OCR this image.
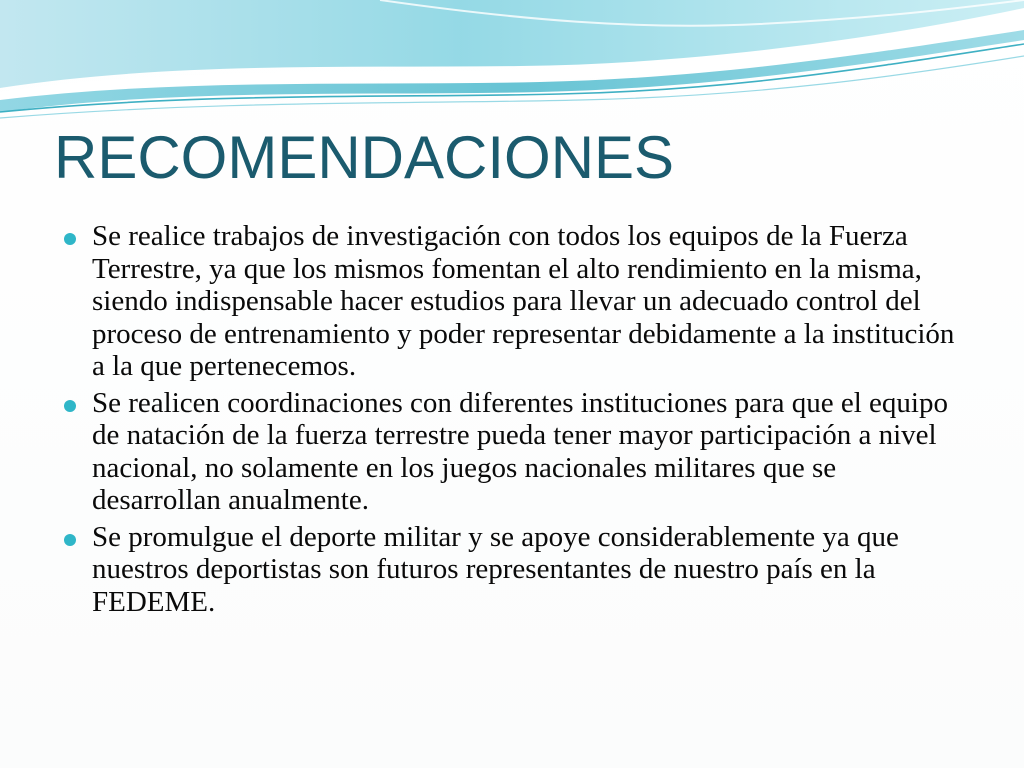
RECOMENDACIONES
Se realice trabajos de investigación con todos los equipos de la Fuerza Terrestre, ya que los mismos fomentan el alto rendimiento en la misma, siendo indispensable hacer estudios para llevar un adecuado control del proceso de entrenamiento y poder representar debidamente a la institución a la que pertenecemos.
Se realicen coordinaciones con diferentes instituciones para que el equipo de natación de la fuerza terrestre pueda tener mayor participación a nivel nacional, no solamente en los juegos nacionales militares que se desarrollan anualmente.
Se promulgue el deporte militar y se apoye considerablemente ya que nuestros deportistas son futuros representantes de nuestro país en la FEDEME.
